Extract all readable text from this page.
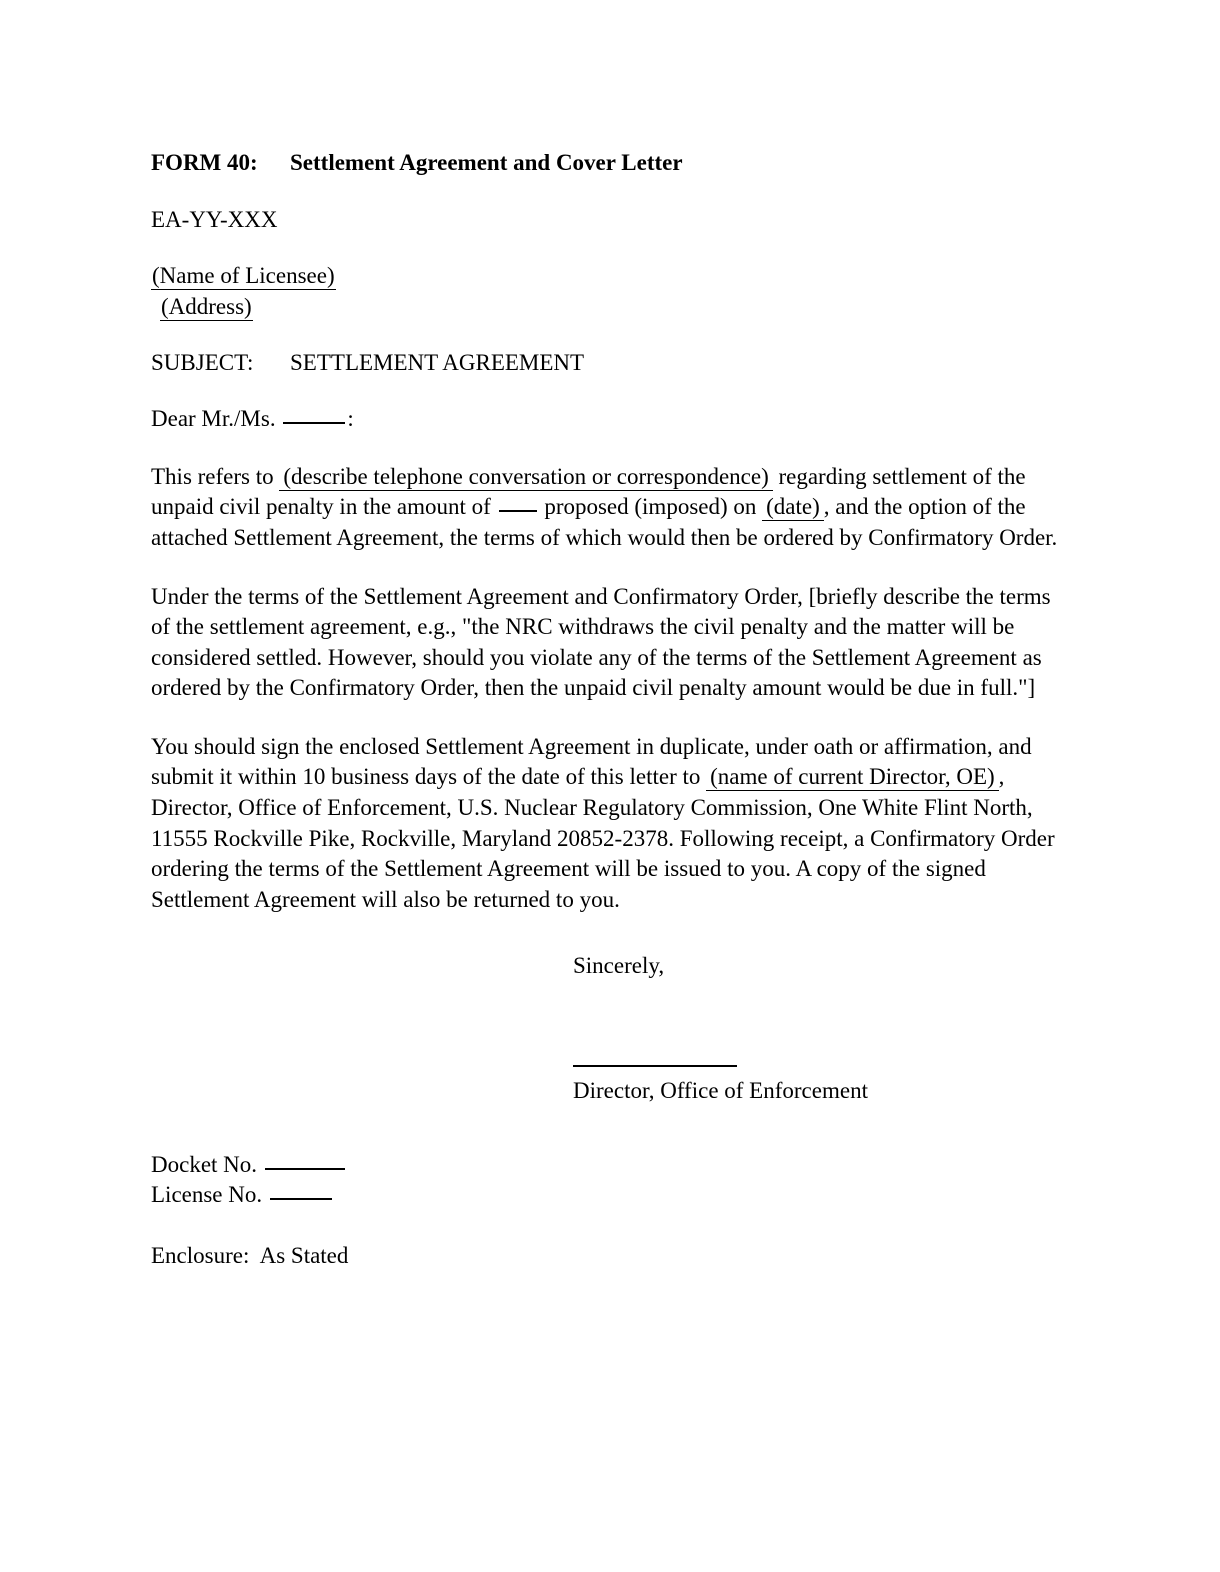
FORM 40:	Settlement Agreement and Cover Letter
EA-YY-XXX
(Name of Licensee)
(Address)
SUBJECT:	SETTLEMENT AGREEMENT
Dear Mr./Ms.	:
This refers to (describe telephone conversation or correspondence) regarding settlement of the unpaid civil penalty in the amount of  proposed (imposed) on (date) , and the option of the attached Settlement Agreement, the terms of which would then be ordered by Confirmatory Order.
Under the terms of the Settlement Agreement and Confirmatory Order, [briefly describe the terms of the settlement agreement, e.g., "the NRC withdraws the civil penalty and the matter will be considered settled. However, should you violate any of the terms of the Settlement Agreement as ordered by the Confirmatory Order, then the unpaid civil penalty amount would be due in full."]
You should sign the enclosed Settlement Agreement in duplicate, under oath or affirmation, and submit it within 10 business days of the date of this letter to (name of current Director, OE) , Director, Office of Enforcement, U.S. Nuclear Regulatory Commission, One White Flint North, 11555 Rockville Pike, Rockville, Maryland 20852-2378. Following receipt, a Confirmatory Order ordering the terms of the Settlement Agreement will be issued to you. A copy of the signed Settlement Agreement will also be returned to you.
Sincerely,
Director, Office of Enforcement
Docket No.
License No.
Enclosure:  As Stated
